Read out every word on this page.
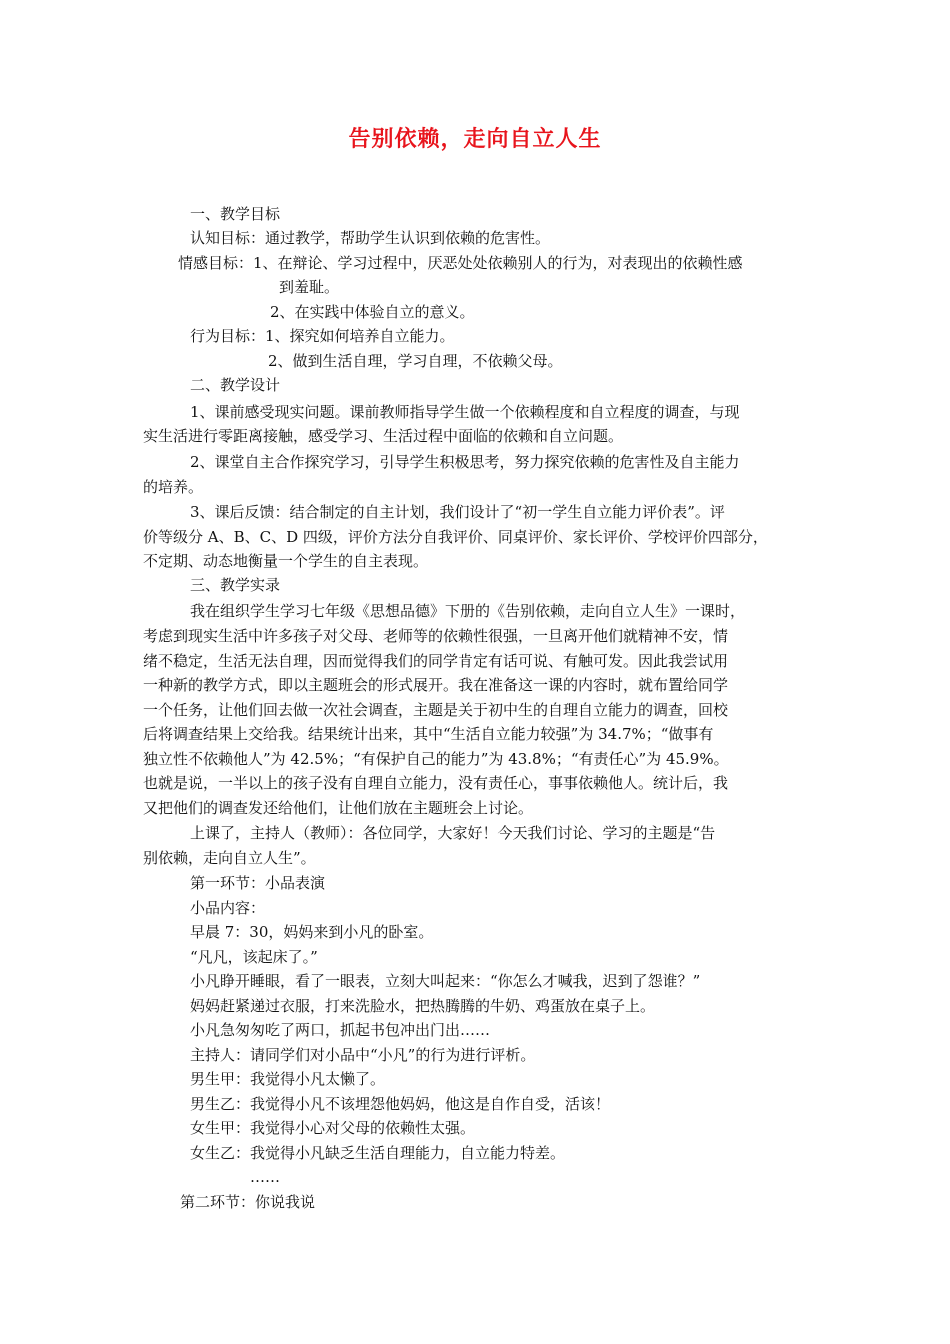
告别依赖，走向自立人生
一、教学目标
认知目标：通过教学，帮助学生认识到依赖的危害性。
情感目标：1、在辩论、学习过程中，厌恶处处依赖别人的行为，对表现出的依赖性感
到羞耻。
2、在实践中体验自立的意义。
行为目标：1、探究如何培养自立能力。
2、做到生活自理，学习自理，不依赖父母。
二、教学设计
1、课前感受现实问题。课前教师指导学生做一个依赖程度和自立程度的调查，与现
实生活进行零距离接触，感受学习、生活过程中面临的依赖和自立问题。
2、课堂自主合作探究学习，引导学生积极思考，努力探究依赖的危害性及自主能力
的培养。
3、课后反馈：结合制定的自主计划，我们设计了“初一学生自立能力评价表”。评
价等级分 A、B、C、D 四级，评价方法分自我评价、同桌评价、家长评价、学校评价四部分，
不定期、动态地衡量一个学生的自主表现。
三、教学实录
我在组织学生学习七年级《思想品德》下册的《告别依赖，走向自立人生》一课时，
考虑到现实生活中许多孩子对父母、老师等的依赖性很强，一旦离开他们就精神不安，情
绪不稳定，生活无法自理，因而觉得我们的同学肯定有话可说、有触可发。因此我尝试用
一种新的教学方式，即以主题班会的形式展开。我在准备这一课的内容时，就布置给同学
一个任务，让他们回去做一次社会调查，主题是关于初中生的自理自立能力的调查，回校
后将调查结果上交给我。结果统计出来，其中“生活自立能力较强”为 34.7%；“做事有
独立性不依赖他人”为 42.5%；“有保护自己的能力”为 43.8%；“有责任心”为 45.9%。
也就是说，一半以上的孩子没有自理自立能力，没有责任心，事事依赖他人。统计后，我
又把他们的调查发还给他们，让他们放在主题班会上讨论。
上课了，主持人（教师）：各位同学，大家好！今天我们讨论、学习的主题是“告
别依赖，走向自立人生”。
第一环节：小品表演
小品内容：
早晨 7：30，妈妈来到小凡的卧室。
“凡凡，该起床了。”
小凡睁开睡眼，看了一眼表，立刻大叫起来：“你怎么才喊我，迟到了怨谁？”
妈妈赶紧递过衣服，打来洗脸水，把热腾腾的牛奶、鸡蛋放在桌子上。
小凡急匆匆吃了两口，抓起书包冲出门出……
主持人：请同学们对小品中“小凡”的行为进行评析。
男生甲：我觉得小凡太懒了。
男生乙：我觉得小凡不该埋怨他妈妈，他这是自作自受，活该！
女生甲：我觉得小心对父母的依赖性太强。
女生乙：我觉得小凡缺乏生活自理能力，自立能力特差。
……
第二环节：你说我说
